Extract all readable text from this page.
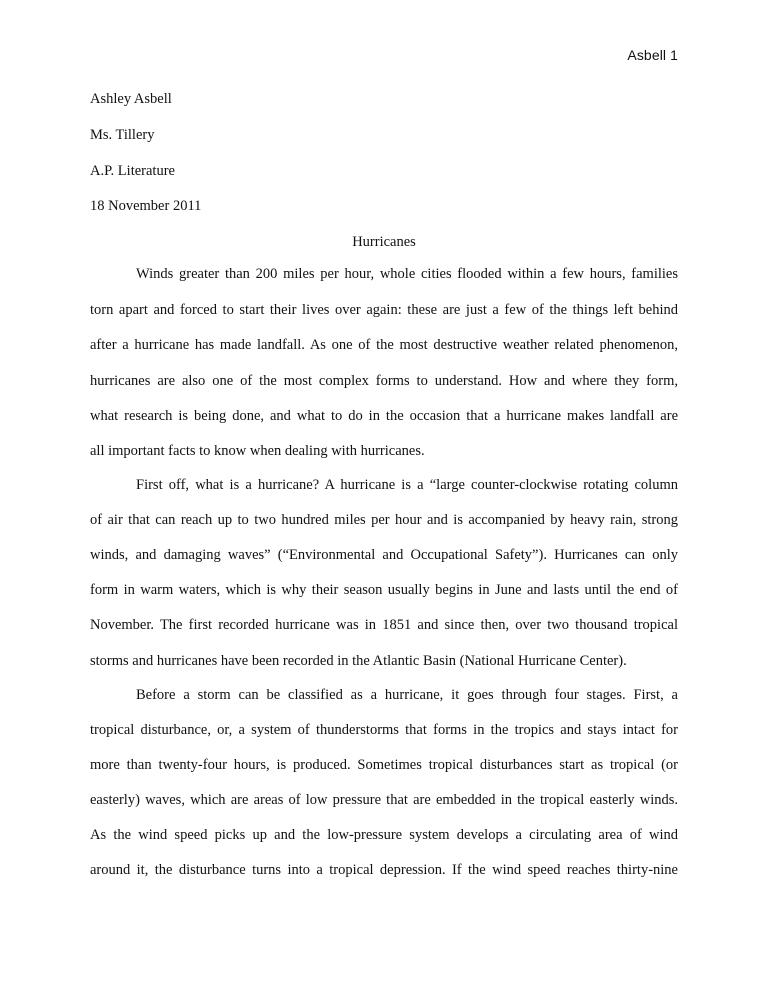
Asbell 1
Ashley Asbell
Ms. Tillery
A.P. Literature
18 November 2011
Hurricanes
Winds greater than 200 miles per hour, whole cities flooded within a few hours, families
torn apart and forced to start their lives over again: these are just a few of the things left behind
after a hurricane has made landfall. As one of the most destructive weather related phenomenon,
hurricanes are also one of the most complex forms to understand. How and where they form,
what research is being done, and what to do in the occasion that a hurricane makes landfall are
all important facts to know when dealing with hurricanes.
First off, what is a hurricane? A hurricane is a “large counter-clockwise rotating column
of air that can reach up to two hundred miles per hour and is accompanied by heavy rain, strong
winds, and damaging waves” (“Environmental and Occupational Safety”). Hurricanes can only
form in warm waters, which is why their season usually begins in June and lasts until the end of
November. The first recorded hurricane was in 1851 and since then, over two thousand tropical
storms and hurricanes have been recorded in the Atlantic Basin (National Hurricane Center).
Before a storm can be classified as a hurricane, it goes through four stages. First, a
tropical disturbance, or, a system of thunderstorms that forms in the tropics and stays intact for
more than twenty-four hours, is produced. Sometimes tropical disturbances start as tropical (or
easterly) waves, which are areas of low pressure that are embedded in the tropical easterly winds.
As the wind speed picks up and the low-pressure system develops a circulating area of wind
around it, the disturbance turns into a tropical depression. If the wind speed reaches thirty-nine
